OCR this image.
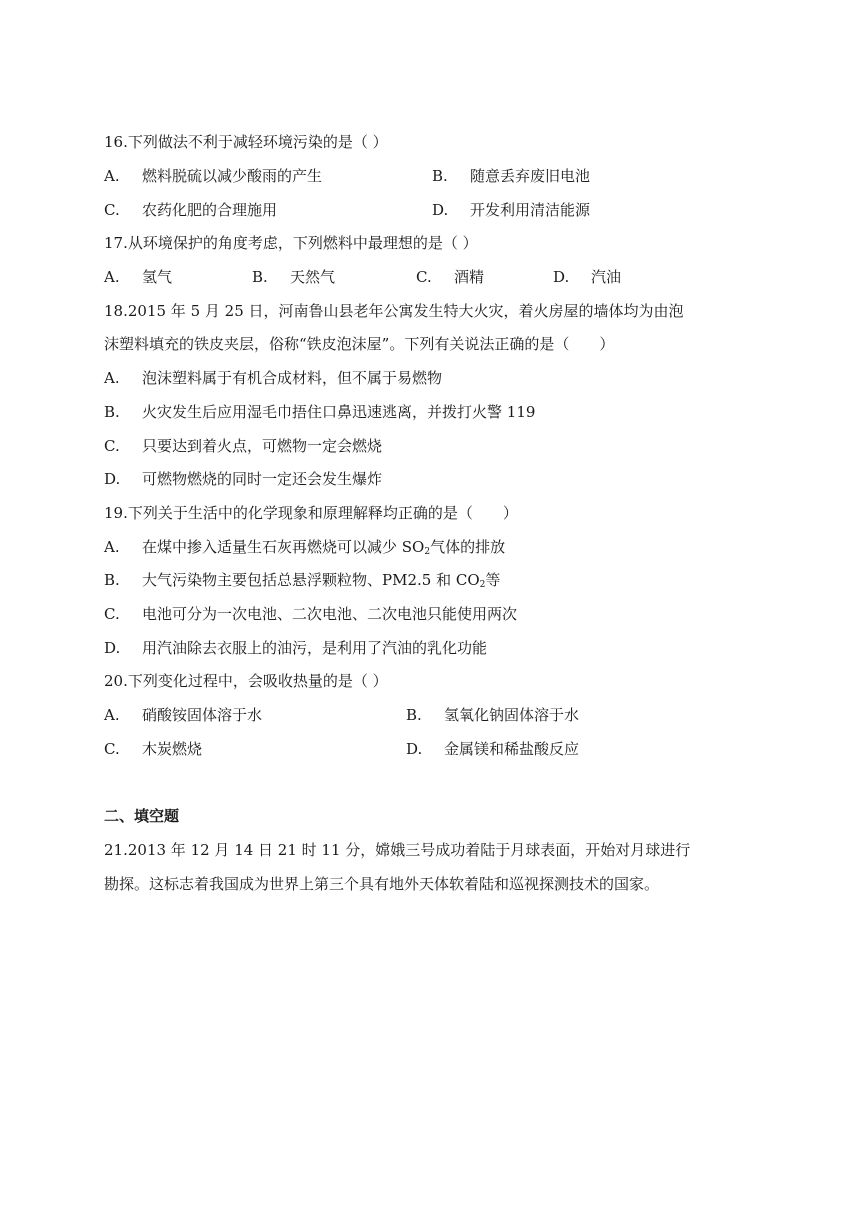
16.下列做法不利于减轻环境污染的是（ ）
A. 燃料脱硫以减少酸雨的产生	B. 随意丢弃废旧电池
C. 农药化肥的合理施用	D. 开发利用清洁能源
17.从环境保护的角度考虑，下列燃料中最理想的是（ ）
A. 氢气	B. 天然气	C. 酒精	D. 汽油
18.2015 年 5 月 25 日，河南鲁山县老年公寓发生特大火灾，着火房屋的墙体均为由泡
沫塑料填充的铁皮夹层，俗称“铁皮泡沫屋”。下列有关说法正确的是（　　）
A. 泡沫塑料属于有机合成材料，但不属于易燃物
B. 火灾发生后应用湿毛巾捂住口鼻迅速逃离，并拨打火警 119
C. 只要达到着火点，可燃物一定会燃烧
D. 可燃物燃烧的同时一定还会发生爆炸
19.下列关于生活中的化学现象和原理解释均正确的是（　　）
A. 在煤中掺入适量生石灰再燃烧可以减少 $SO_2$气体的排放
B. 大气污染物主要包括总悬浮颗粒物、PM2.5 和 $CO_2$等
C. 电池可分为一次电池、二次电池、二次电池只能使用两次
D. 用汽油除去衣服上的油污，是利用了汽油的乳化功能
20.下列变化过程中，会吸收热量的是（ ）
A. 硝酸铵固体溶于水	B. 氢氧化钠固体溶于水
C. 木炭燃烧	D. 金属镁和稀盐酸反应
二、填空题
21.2013 年 12 月 14 日 21 时 11 分，嫦娥三号成功着陆于月球表面，开始对月球进行
勘探。这标志着我国成为世界上第三个具有地外天体软着陆和巡视探测技术的国家。
